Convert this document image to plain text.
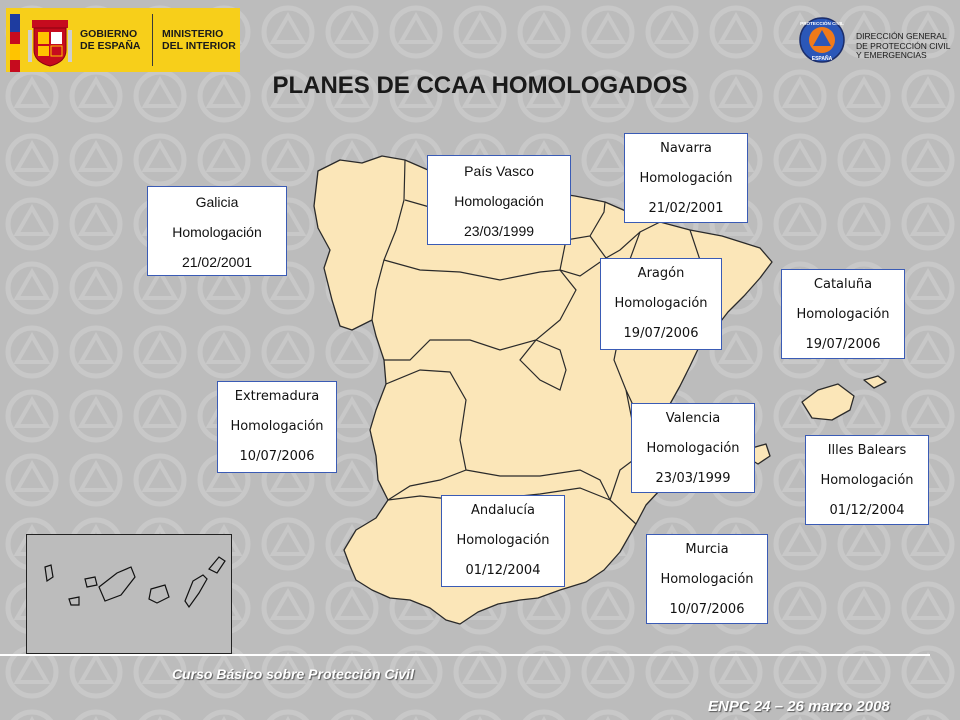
GOBIERNO
DE ESPAÑA
MINISTERIO
DEL INTERIOR
PROTECCIÓN CIVIL
ESPAÑA
DIRECCIÓN GENERAL
DE PROTECCIÓN CIVIL
Y EMERGENCIAS
PLANES DE CCAA HOMOLOGADOS
Galicia
Homologación
21/02/2001
País Vasco
Homologación
23/03/1999
Navarra
Homologación
21/02/2001
Aragón
Homologación
19/07/2006
Cataluña
Homologación
19/07/2006
Extremadura
Homologación
10/07/2006
Valencia
Homologación
23/03/1999
Illes Balears
Homologación
01/12/2004
Andalucía
Homologación
01/12/2004
Murcia
Homologación
10/07/2006
Curso Básico sobre Protección Civil
ENPC 24 – 26 marzo 2008
